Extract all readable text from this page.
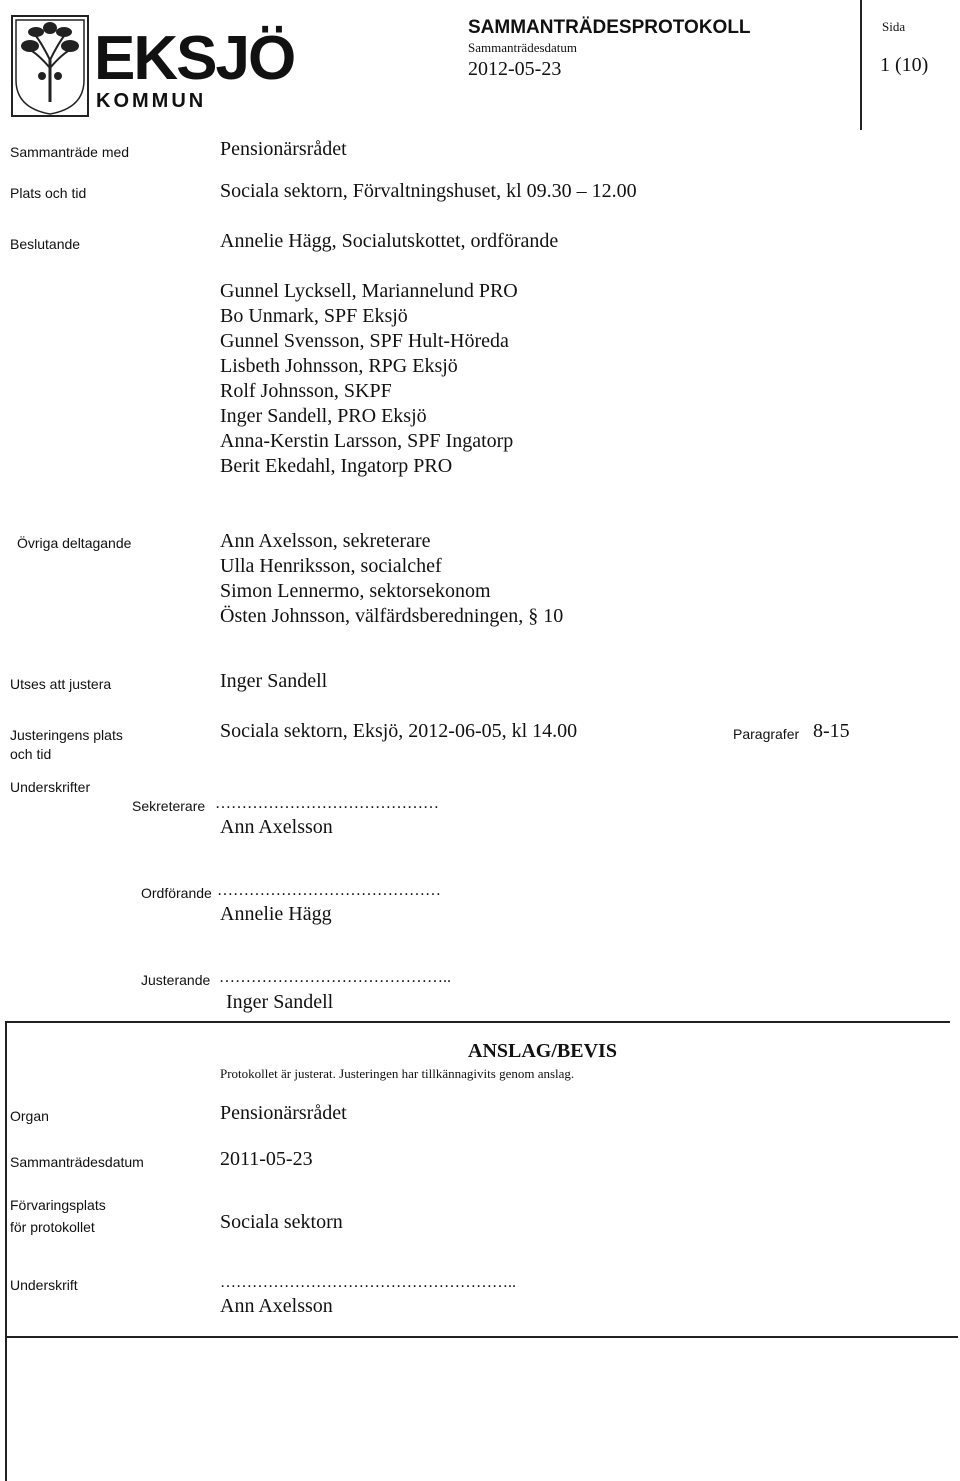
EKSJÖ
KOMMUN
SAMMANTRÄDESPROTOKOLL
Sammanträdesdatum
2012-05-23
Sida
1 (10)
Sammanträde med	Pensionärsrådet
Plats och tid	Sociala sektorn, Förvaltningshuset, kl 09.30 – 12.00
Beslutande	Annelie Hägg, Socialutskottet, ordförande
Gunnel Lycksell, Mariannelund PRO
Bo Unmark, SPF Eksjö
Gunnel Svensson, SPF Hult-Höreda
Lisbeth Johnsson, RPG Eksjö
Rolf Johnsson, SKPF
Inger Sandell, PRO Eksjö
Anna-Kerstin Larsson, SPF Ingatorp
Berit Ekedahl, Ingatorp PRO
Övriga deltagande	Ann Axelsson, sekreterare
Ulla Henriksson, socialchef
Simon Lennermo, sektorsekonom
Östen Johnsson, välfärdsberedningen, § 10
Utses att justera	Inger Sandell
Justeringens plats
och tid
Sociala sektorn, Eksjö, 2012-06-05, kl 14.00	Paragrafer 8-15
Underskrifter
Sekreterare ……………………………………
Ann Axelsson
Ordförande ……………………………………
Annelie Hägg
Justerande ……………………………………..
Inger Sandell
ANSLAG/BEVIS
Protokollet är justerat. Justeringen har tillkännagivits genom anslag.
Organ	Pensionärsrådet
Sammanträdesdatum	2011-05-23
Förvaringsplats
för protokollet	Sociala sektorn
Underskrift	………………………………………………..
Ann Axelsson
